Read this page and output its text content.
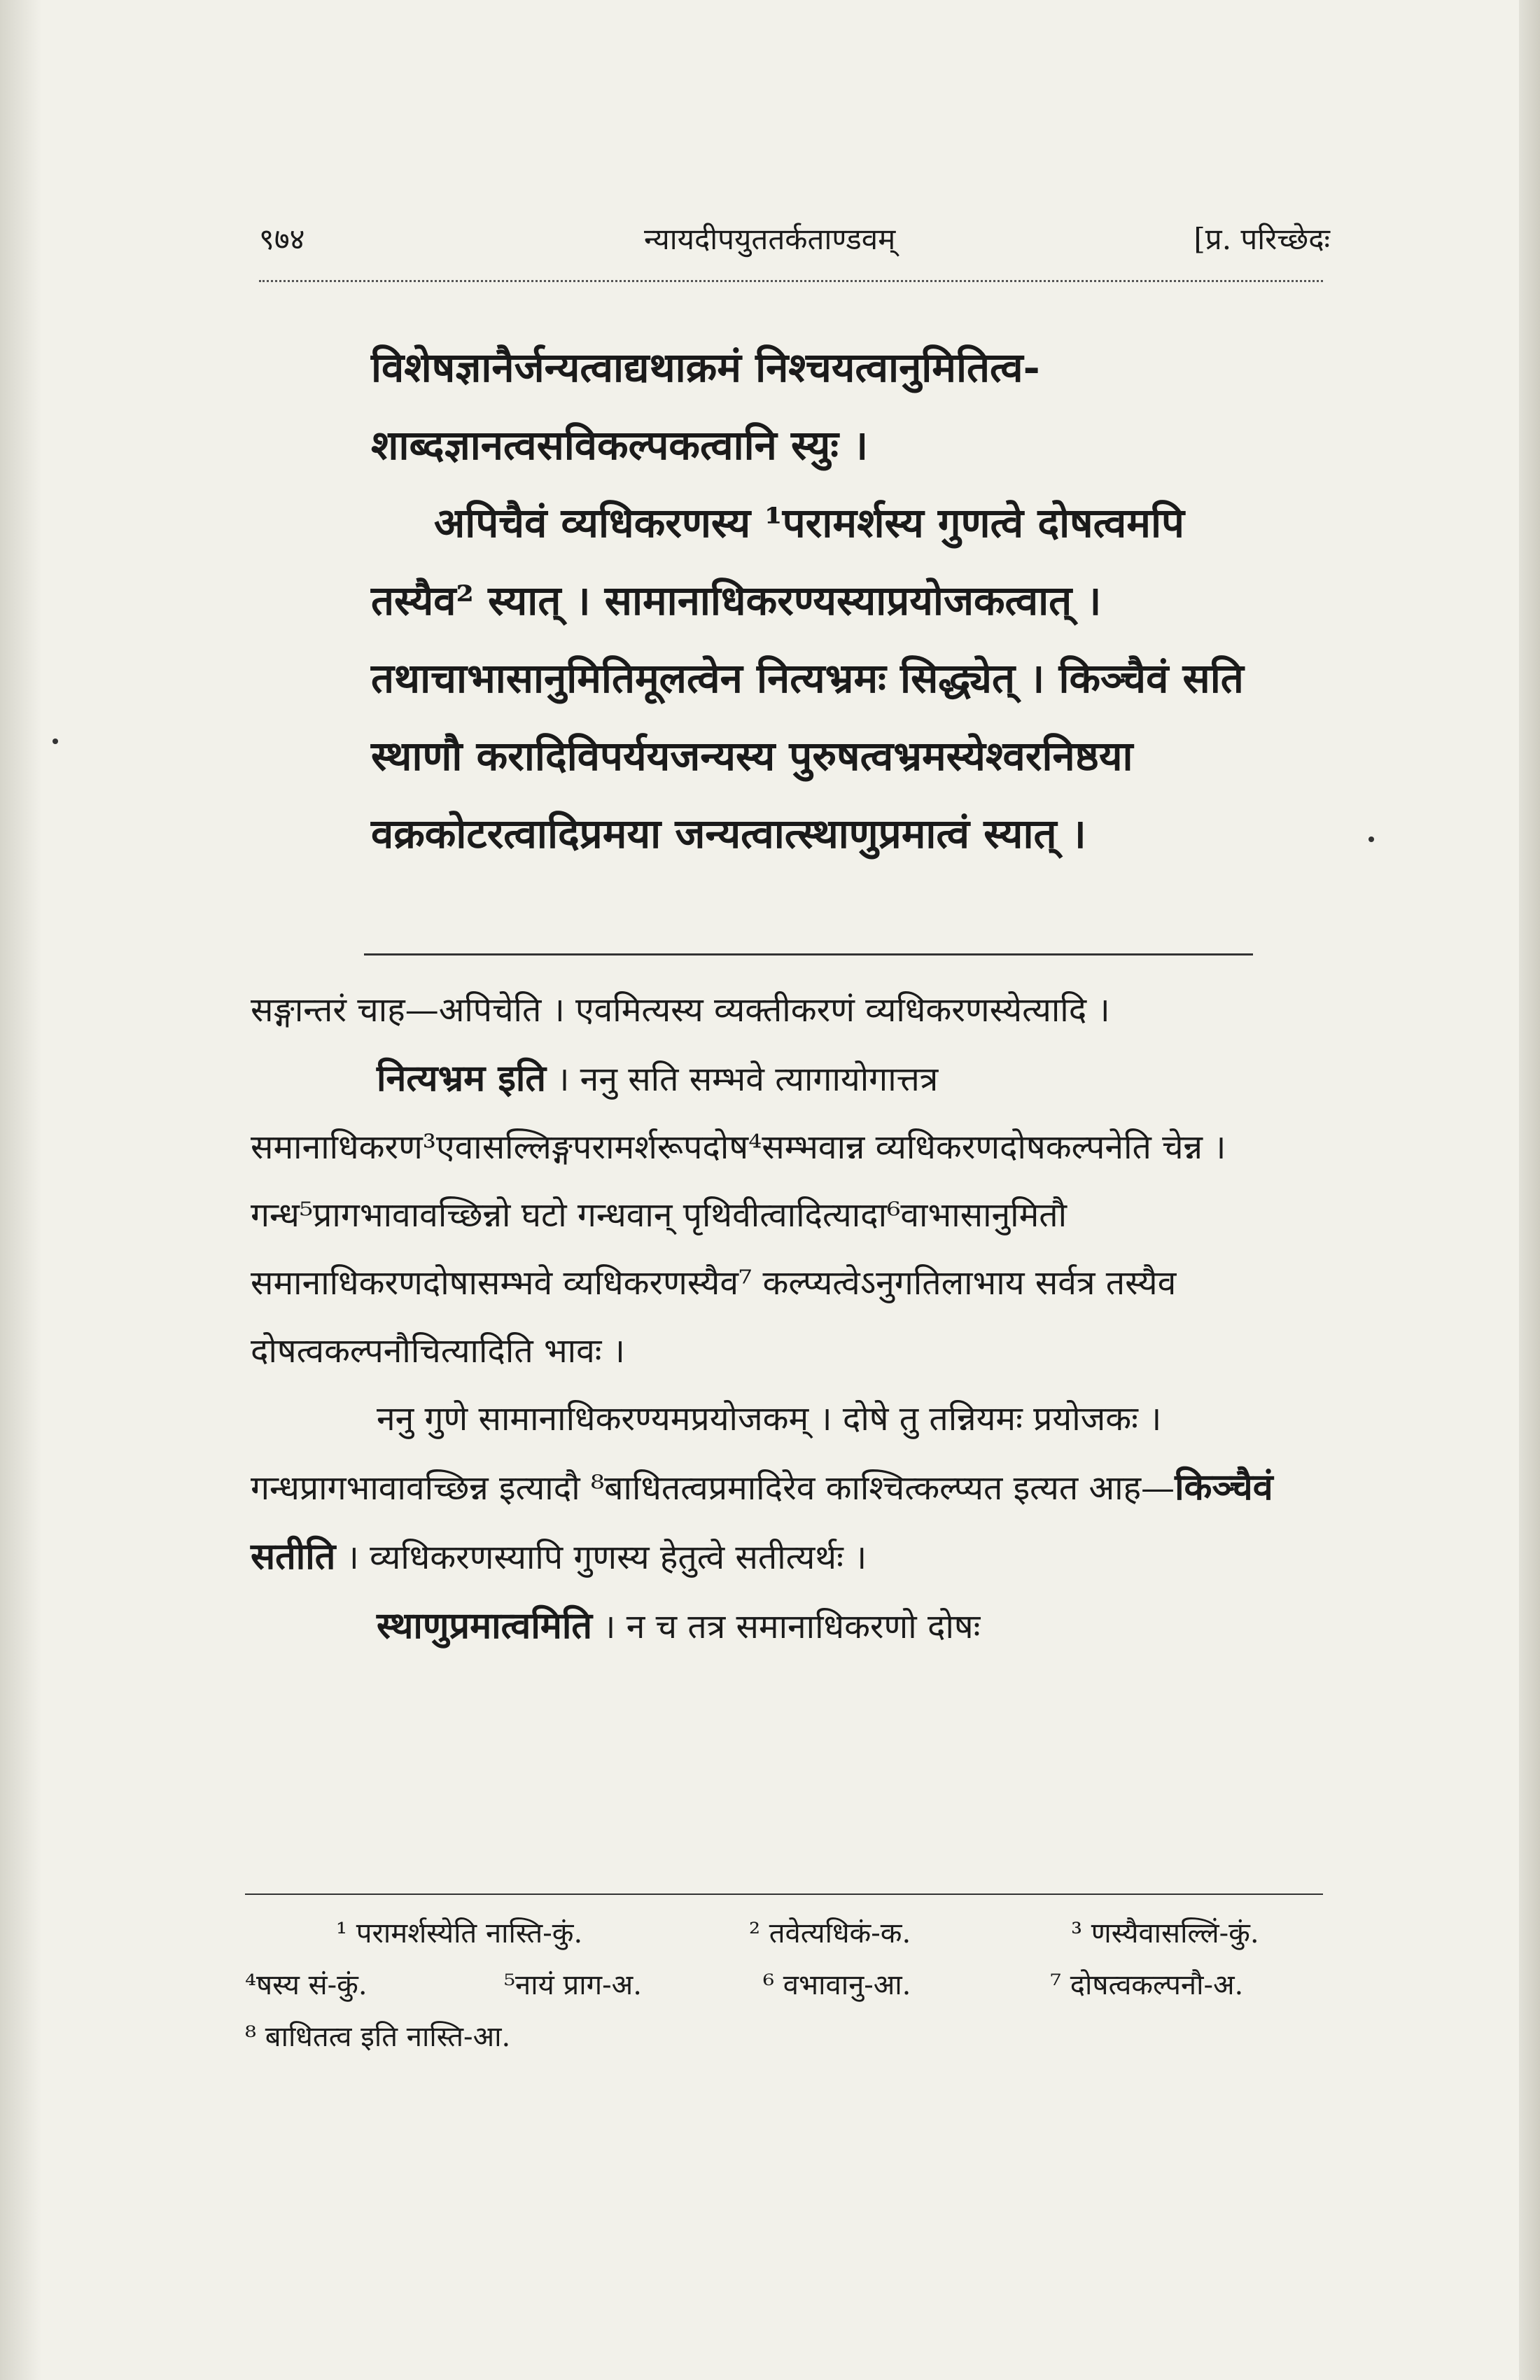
९७४	न्यायदीपयुततर्कताण्डवम्	[प्र. परिच्छेदः

विशेषज्ञानैर्जन्यत्वाद्यथाक्रमं निश्चयत्वानुमितित्व-शाब्दज्ञानत्वसविकल्पकत्वानि स्युः ।

अपिचैवं व्यधिकरणस्य ¹परामर्शस्य गुणत्वे दोषत्वमपि तस्यैव² स्यात् । सामानाधिकरण्यस्याप्रयोजकत्वात् । तथाचाभासानुमितिमूलत्वेन नित्यभ्रमः सिद्ध्येत् । किञ्चैवं सति स्थाणौ करादिविपर्ययजन्यस्य पुरुषत्वभ्रमस्येश्वरनिष्ठया वक्रकोटरत्वादिप्रमया जन्यत्वात्स्थाणुप्रमात्वं स्यात् ।

सङ्गान्तरं चाह—अपिचेति । एवमित्यस्य व्यक्तीकरणं व्यधिकरणस्येत्यादि ।

नित्यभ्रम इति । ननु सति सम्भवे त्यागायोगात्तत्र समानाधिकरण³एवासल्लिङ्गपरामर्शरूपदोष⁴सम्भवान्न व्यधिकरणदोषकल्पनेति चेन्न । गन्ध⁵प्रागभावावच्छिन्नो घटो गन्धवान् पृथिवीत्वादित्यादा⁶वाभासानुमितौ समानाधिकरणदोषासम्भवे व्यधिकरणस्यैव⁷ कल्प्यत्वेऽनुगतिलाभाय सर्वत्र तस्यैव दोषत्वकल्पनौचित्यादिति भावः ।

ननु गुणे सामानाधिकरण्यमप्रयोजकम् । दोषे तु तन्नियमः प्रयोजकः । गन्धप्रागभावावच्छिन्न इत्यादौ ⁸बाधितत्वप्रमादिरेव काश्चित्कल्प्यत इत्यत आह—किञ्चैवं सतीति । व्यधिकरणस्यापि गुणस्य हेतुत्वे सतीत्यर्थः ।

स्थाणुप्रमात्वमिति । न च तत्र समानाधिकरणो दोषः

¹ परामर्शस्येति नास्ति-कुं.	² तवेत्यधिकं-क.	³ णस्यैवासल्लिं-कुं.
⁴षस्य सं-कुं.	⁵नायं प्राग-अ.	⁶ वभावानु-आ.	⁷ दोषत्वकल्पनौ-अ.
⁸ बाधितत्व इति नास्ति-आ.
